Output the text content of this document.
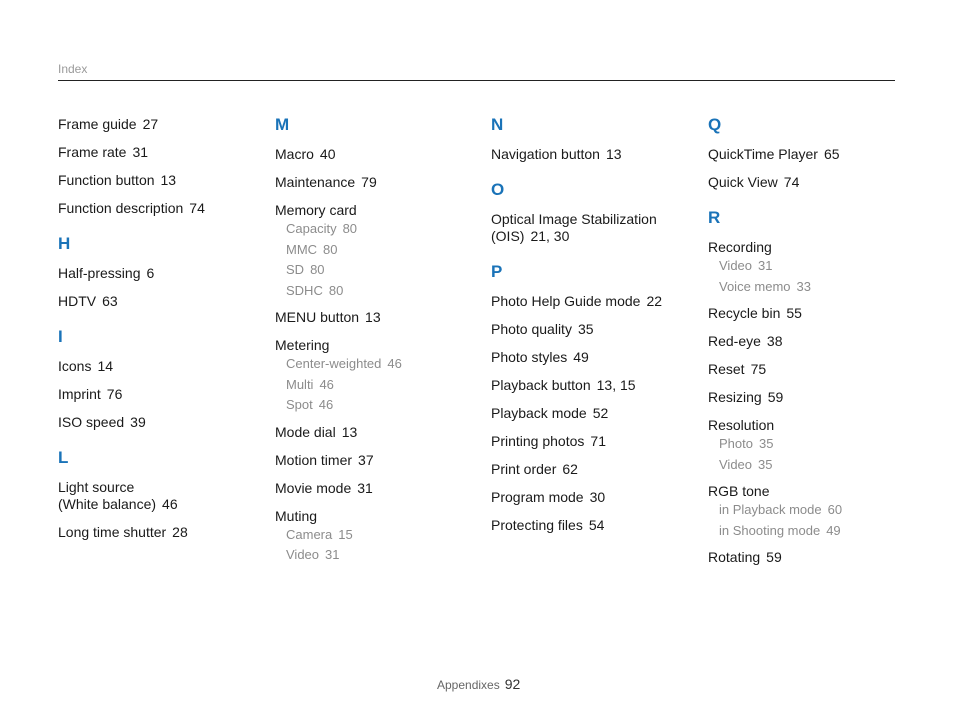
Index
Frame guide 27
Frame rate 31
Function button 13
Function description 74
H
Half-pressing 6
HDTV 63
I
Icons 14
Imprint 76
ISO speed 39
L
Light source
(White balance) 46
Long time shutter 28
M
Macro 40
Maintenance 79
Memory card
Capacity 80
MMC 80
SD 80
SDHC 80
MENU button 13
Metering
Center-weighted 46
Multi 46
Spot 46
Mode dial 13
Motion timer 37
Movie mode 31
Muting
Camera 15
Video 31
N
Navigation button 13
O
Optical Image Stabilization
(OIS) 21, 30
P
Photo Help Guide mode 22
Photo quality 35
Photo styles 49
Playback button 13, 15
Playback mode 52
Printing photos 71
Print order 62
Program mode 30
Protecting files 54
Q
QuickTime Player 65
Quick View 74
R
Recording
Video 31
Voice memo 33
Recycle bin 55
Red-eye 38
Reset 75
Resizing 59
Resolution
Photo 35
Video 35
RGB tone
in Playback mode 60
in Shooting mode 49
Rotating 59
Appendixes 92
